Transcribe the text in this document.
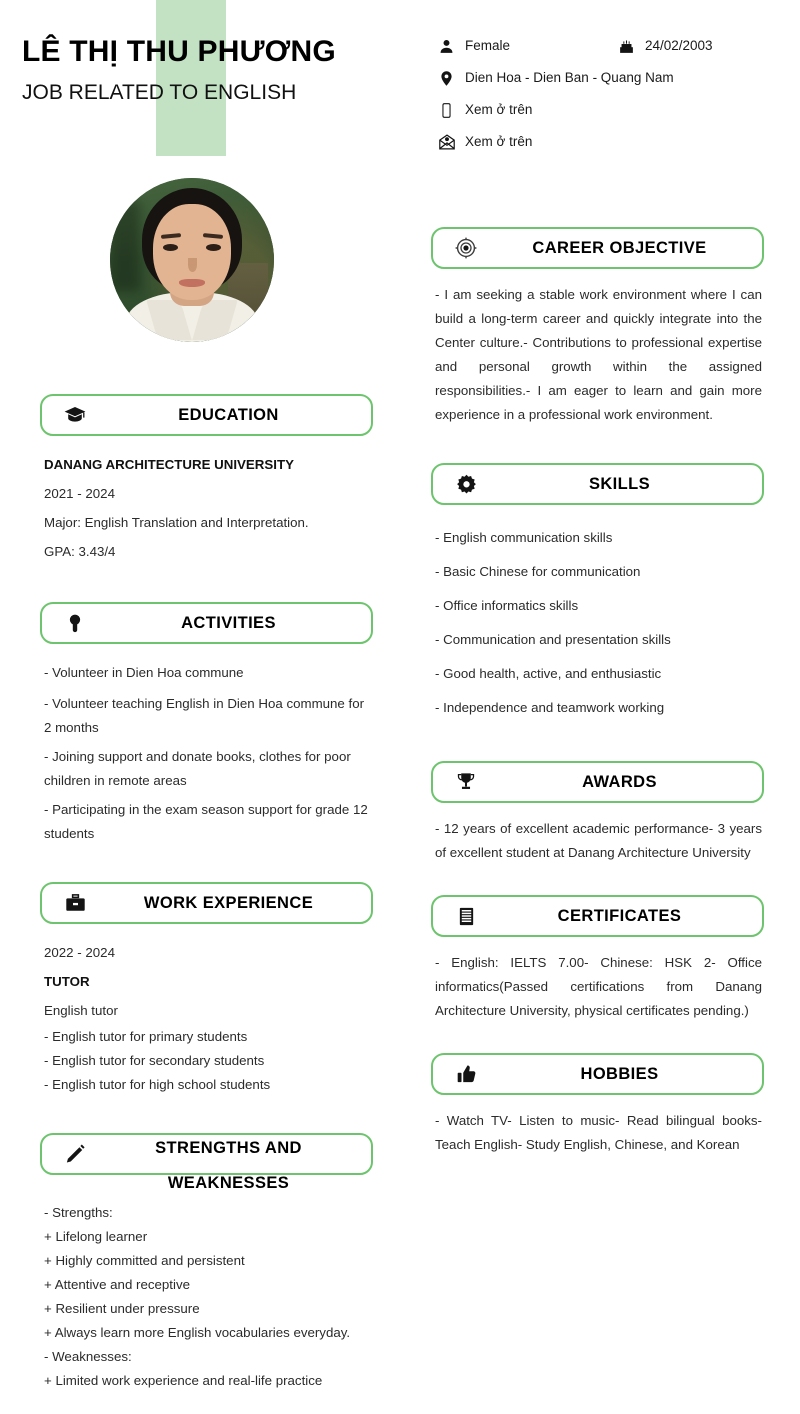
LÊ THỊ THU PHƯƠNG
JOB RELATED TO ENGLISH
Female	24/02/2003
Dien Hoa - Dien Ban - Quang Nam
Xem ở trên
Xem ở trên
EDUCATION
DANANG ARCHITECTURE UNIVERSITY
2021 - 2024
Major: English Translation and Interpretation.
GPA: 3.43/4
ACTIVITIES
- Volunteer in Dien Hoa commune
- Volunteer teaching English in Dien Hoa commune for 2 months
- Joining support and donate books, clothes for poor children in remote areas
- Participating in the exam season support for grade 12 students
WORK EXPERIENCE
2022 - 2024
TUTOR
English tutor
- English tutor for primary students
- English tutor for secondary students
- English tutor for high school students
STRENGTHS AND WEAKNESSES
- Strengths:
+ Lifelong learner
+ Highly committed and persistent
+ Attentive and receptive
+ Resilient under pressure
+ Always learn more English vocabularies everyday.
- Weaknesses:
+ Limited work experience and real-life practice
CAREER OBJECTIVE
- I am seeking a stable work environment where I can build a long-term career and quickly integrate into the Center culture.- Contributions to professional expertise and personal growth within the assigned responsibilities.- I am eager to learn and gain more experience in a professional work environment.
SKILLS
- English communication skills
- Basic Chinese for communication
- Office informatics skills
- Communication and presentation skills
- Good health, active, and enthusiastic
- Independence and teamwork working
AWARDS
- 12 years of excellent academic performance- 3 years of excellent student at Danang Architecture University
CERTIFICATES
- English: IELTS 7.00- Chinese: HSK 2- Office informatics(Passed certifications from Danang Architecture University, physical certificates pending.)
HOBBIES
- Watch TV- Listen to music- Read bilingual books- Teach English- Study English, Chinese, and Korean
